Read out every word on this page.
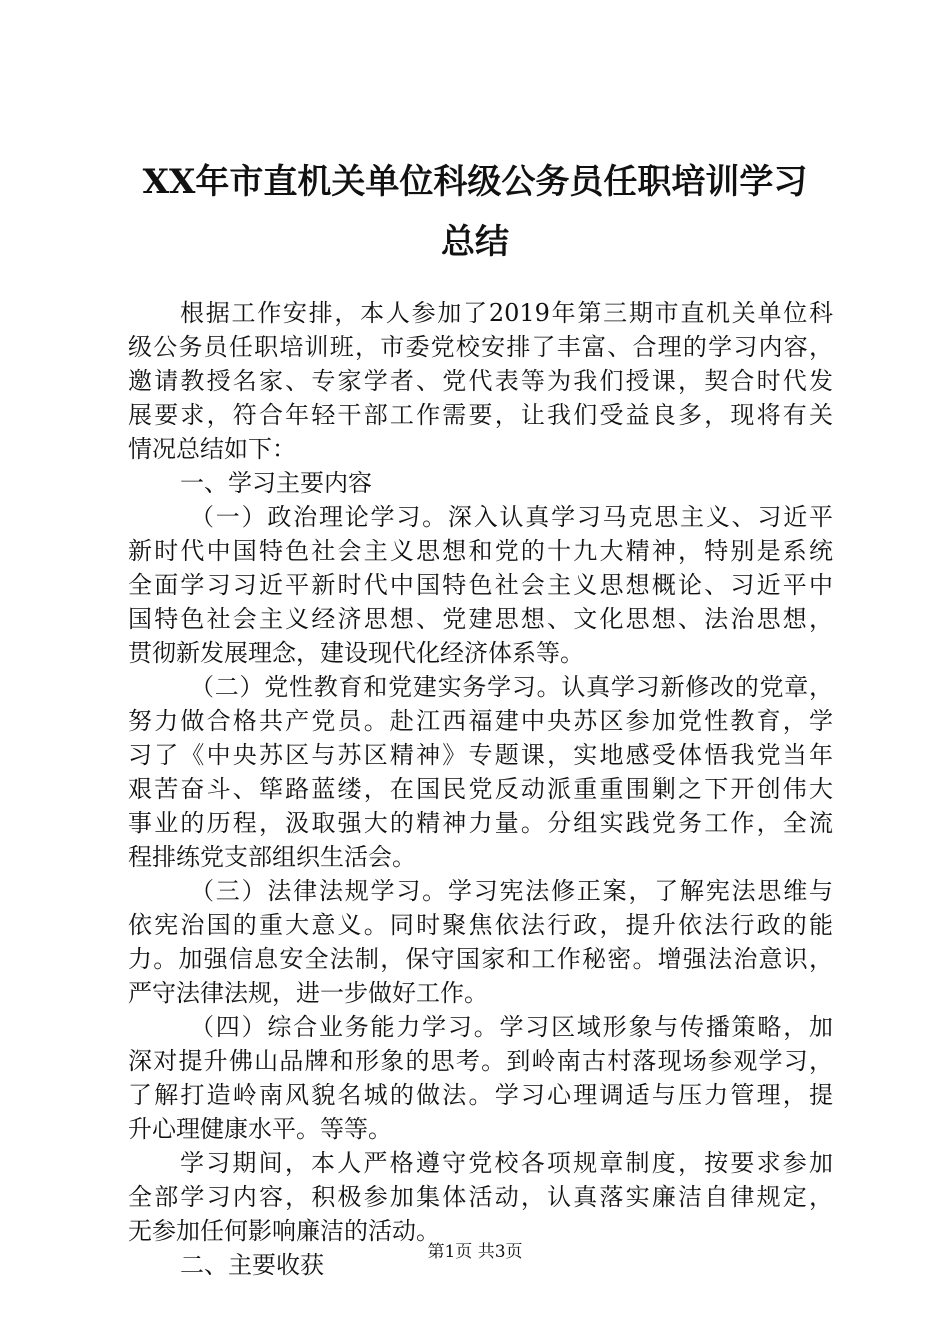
XX年市直机关单位科级公务员任职培训学习
总结
根据工作安排，本人参加了2019年第三期市直机关单位科
级公务员任职培训班，市委党校安排了丰富、合理的学习内容，
邀请教授名家、专家学者、党代表等为我们授课，契合时代发
展要求，符合年轻干部工作需要，让我们受益良多，现将有关
情况总结如下：
一、学习主要内容
（一）政治理论学习。深入认真学习马克思主义、习近平
新时代中国特色社会主义思想和党的十九大精神，特别是系统
全面学习习近平新时代中国特色社会主义思想概论、习近平中
国特色社会主义经济思想、党建思想、文化思想、法治思想，
贯彻新发展理念，建设现代化经济体系等。
（二）党性教育和党建实务学习。认真学习新修改的党章，
努力做合格共产党员。赴江西福建中央苏区参加党性教育，学
习了《中央苏区与苏区精神》专题课，实地感受体悟我党当年
艰苦奋斗、筚路蓝缕，在国民党反动派重重围剿之下开创伟大
事业的历程，汲取强大的精神力量。分组实践党务工作，全流
程排练党支部组织生活会。
（三）法律法规学习。学习宪法修正案，了解宪法思维与
依宪治国的重大意义。同时聚焦依法行政，提升依法行政的能
力。加强信息安全法制，保守国家和工作秘密。增强法治意识，
严守法律法规，进一步做好工作。
（四）综合业务能力学习。学习区域形象与传播策略，加
深对提升佛山品牌和形象的思考。到岭南古村落现场参观学习，
了解打造岭南风貌名城的做法。学习心理调适与压力管理，提
升心理健康水平。等等。
学习期间，本人严格遵守党校各项规章制度，按要求参加
全部学习内容，积极参加集体活动，认真落实廉洁自律规定，
无参加任何影响廉洁的活动。
二、主要收获	第1页 共3页
